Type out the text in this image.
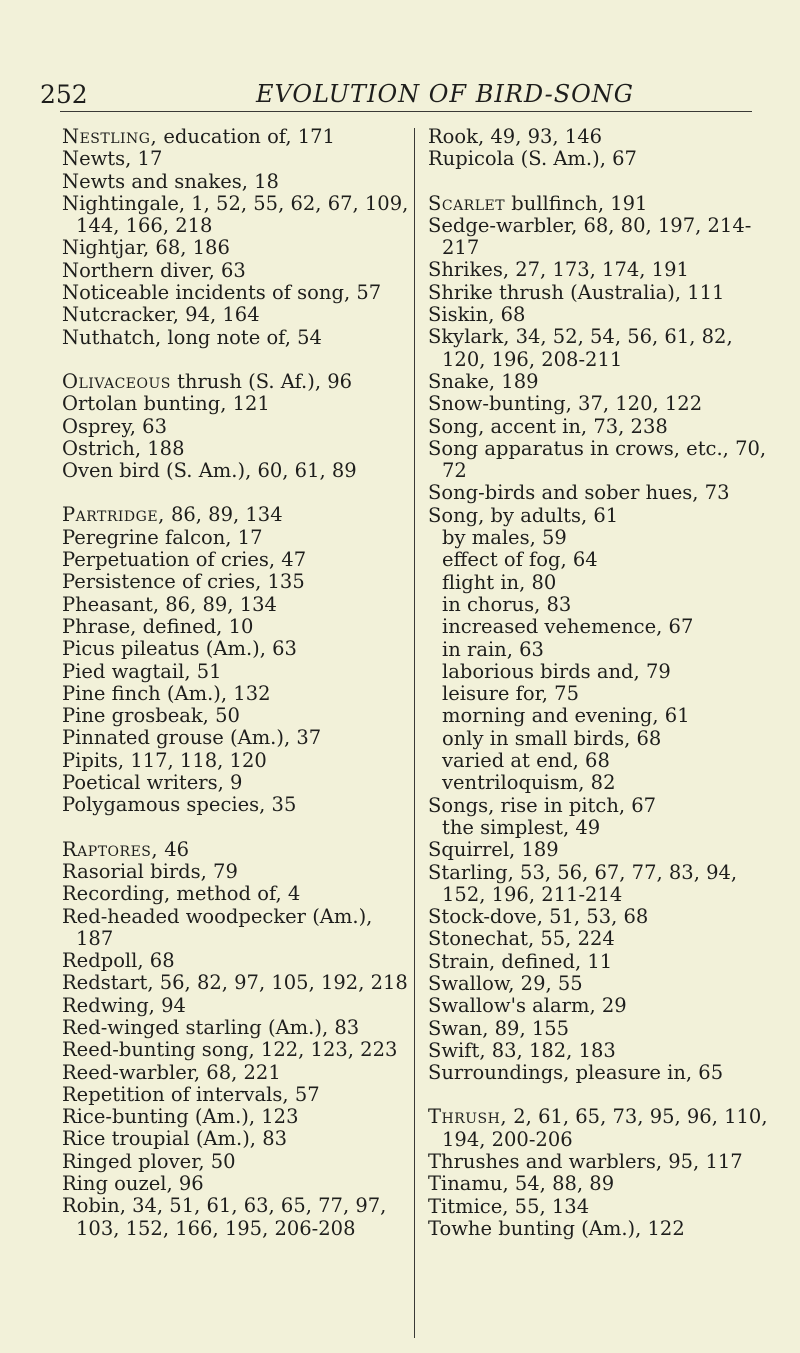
252	EVOLUTION OF BIRD-SONG
Nestling, education of, 171
Newts, 17
Newts and snakes, 18
Nightingale, 1, 52, 55, 62, 67, 109, 144, 166, 218
Nightjar, 68, 186
Northern diver, 63
Noticeable incidents of song, 57
Nutcracker, 94, 164
Nuthatch, long note of, 54
Olivaceous thrush (S. Af.), 96
Ortolan bunting, 121
Osprey, 63
Ostrich, 188
Oven bird (S. Am.), 60, 61, 89
Partridge, 86, 89, 134
Peregrine falcon, 17
Perpetuation of cries, 47
Persistence of cries, 135
Pheasant, 86, 89, 134
Phrase, defined, 10
Picus pileatus (Am.), 63
Pied wagtail, 51
Pine finch (Am.), 132
Pine grosbeak, 50
Pinnated grouse (Am.), 37
Pipits, 117, 118, 120
Poetical writers, 9
Polygamous species, 35
Raptores, 46
Rasorial birds, 79
Recording, method of, 4
Red-headed woodpecker (Am.), 187
Redpoll, 68
Redstart, 56, 82, 97, 105, 192, 218
Redwing, 94
Red-winged starling (Am.), 83
Reed-bunting song, 122, 123, 223
Reed-warbler, 68, 221
Repetition of intervals, 57
Rice-bunting (Am.), 123
Rice troupial (Am.), 83
Ringed plover, 50
Ring ouzel, 96
Robin, 34, 51, 61, 63, 65, 77, 97, 103, 152, 166, 195, 206-208
Rook, 49, 93, 146
Rupicola (S. Am.), 67
Scarlet bullfinch, 191
Sedge-warbler, 68, 80, 197, 214-217
Shrikes, 27, 173, 174, 191
Shrike thrush (Australia), 111
Siskin, 68
Skylark, 34, 52, 54, 56, 61, 82, 120, 196, 208-211
Snake, 189
Snow-bunting, 37, 120, 122
Song, accent in, 73, 238
Song apparatus in crows, etc., 70, 72
Song-birds and sober hues, 73
Song, by adults, 61
by males, 59
effect of fog, 64
flight in, 80
in chorus, 83
increased vehemence, 67
in rain, 63
laborious birds and, 79
leisure for, 75
morning and evening, 61
only in small birds, 68
varied at end, 68
ventriloquism, 82
Songs, rise in pitch, 67
the simplest, 49
Squirrel, 189
Starling, 53, 56, 67, 77, 83, 94, 152, 196, 211-214
Stock-dove, 51, 53, 68
Stonechat, 55, 224
Strain, defined, 11
Swallow, 29, 55
Swallow's alarm, 29
Swan, 89, 155
Swift, 83, 182, 183
Surroundings, pleasure in, 65
Thrush, 2, 61, 65, 73, 95, 96, 110, 194, 200-206
Thrushes and warblers, 95, 117
Tinamu, 54, 88, 89
Titmice, 55, 134
Towhe bunting (Am.), 122
